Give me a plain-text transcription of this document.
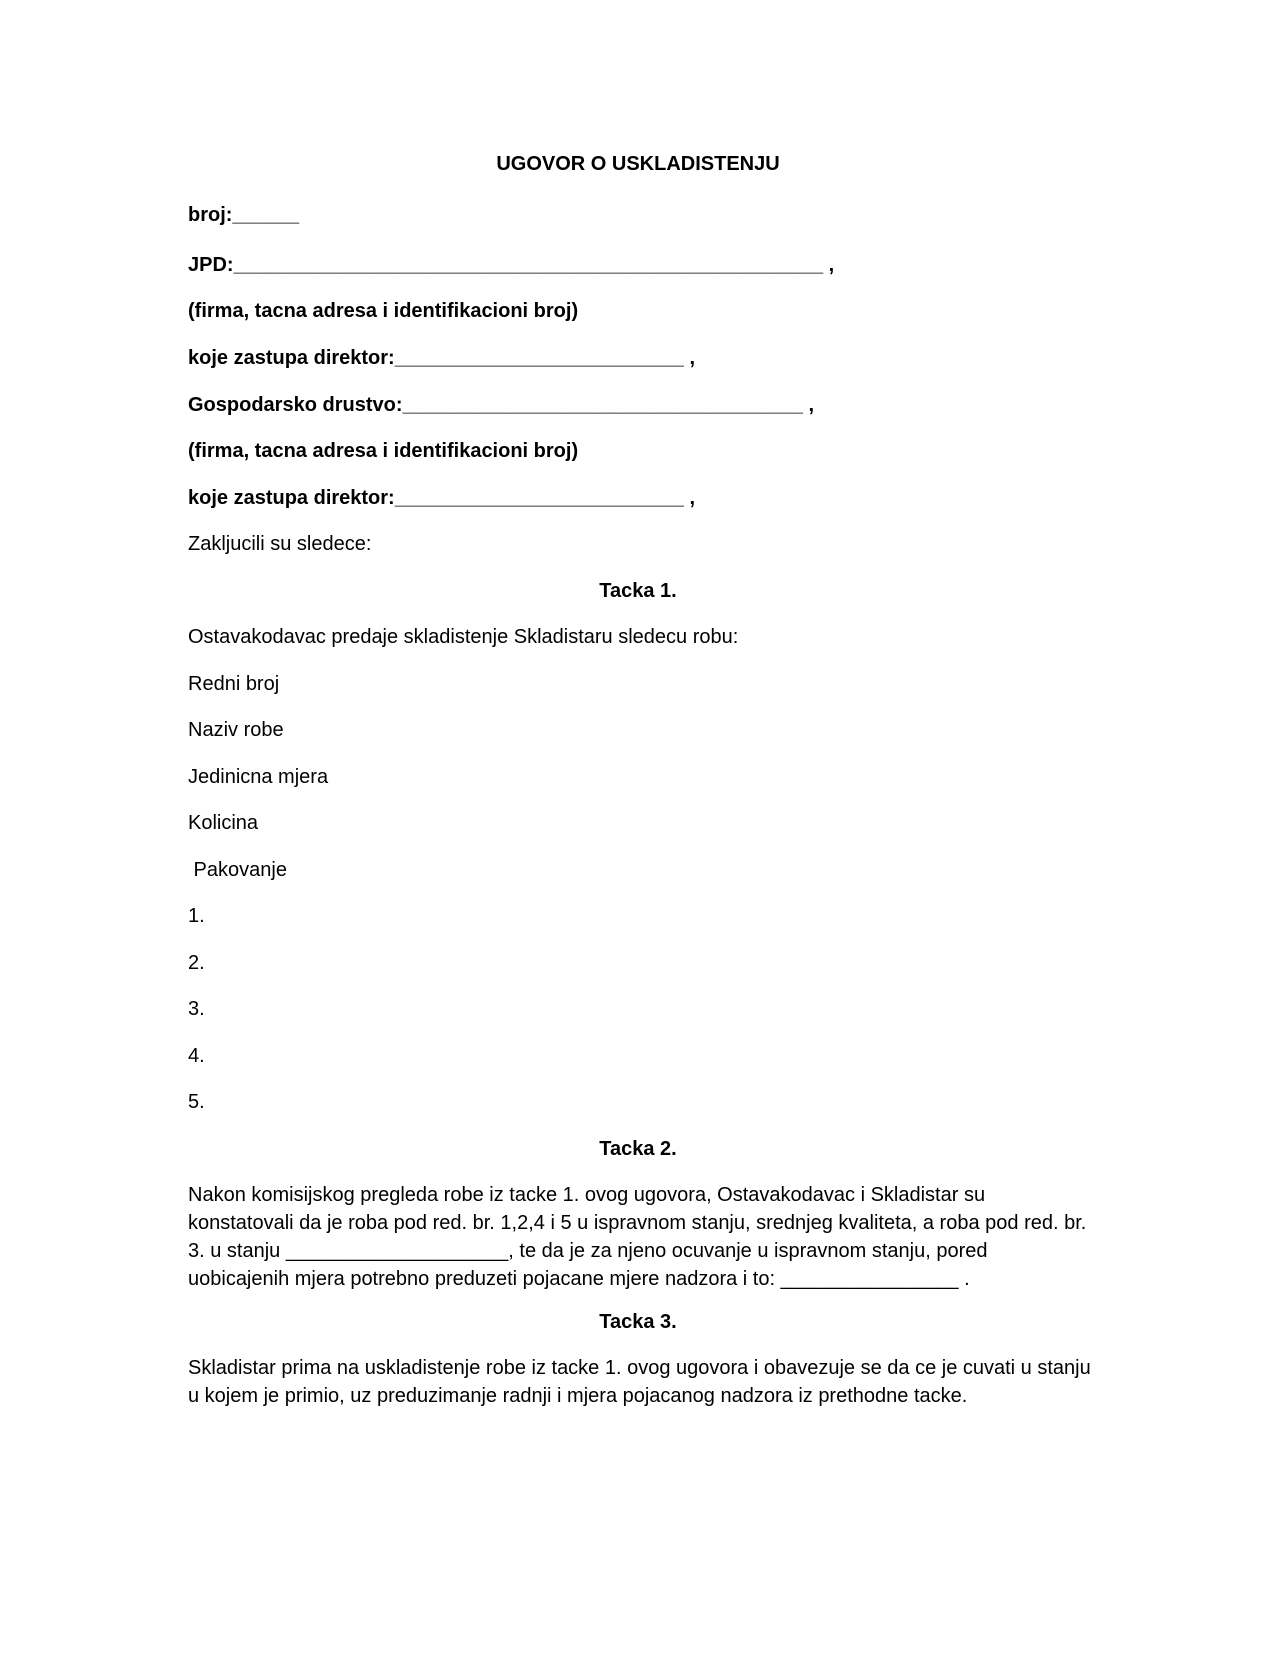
UGOVOR O USKLADISTENJU
broj:______
JPD:_____________________________________________________ ,
(firma, tacna adresa i identifikacioni broj)
koje zastupa direktor:__________________________ ,
Gospodarsko drustvo:____________________________________ ,
(firma, tacna adresa i identifikacioni broj)
koje zastupa direktor:__________________________ ,
Zakljucili su sledece:
Tacka 1.
Ostavakodavac predaje skladistenje Skladistaru sledecu robu:
Redni broj
Naziv robe
Jedinicna mjera
Kolicina
Pakovanje
1.
2.
3.
4.
5.
Tacka 2.
Nakon komisijskog pregleda robe iz tacke 1. ovog ugovora, Ostavakodavac i Skladistar su konstatovali da je roba pod red. br. 1,2,4 i 5 u ispravnom stanju, srednjeg kvaliteta, a roba pod red. br. 3. u stanju ____________________, te da je za njeno ocuvanje u ispravnom stanju, pored uobicajenih mjera potrebno preduzeti pojacane mjere nadzora i to: ________________ .
Tacka 3.
Skladistar prima na uskladistenje robe iz tacke 1. ovog ugovora i obavezuje se da ce je cuvati u stanju u kojem je primio, uz preduzimanje radnji i mjera pojacanog nadzora iz prethodne tacke.
